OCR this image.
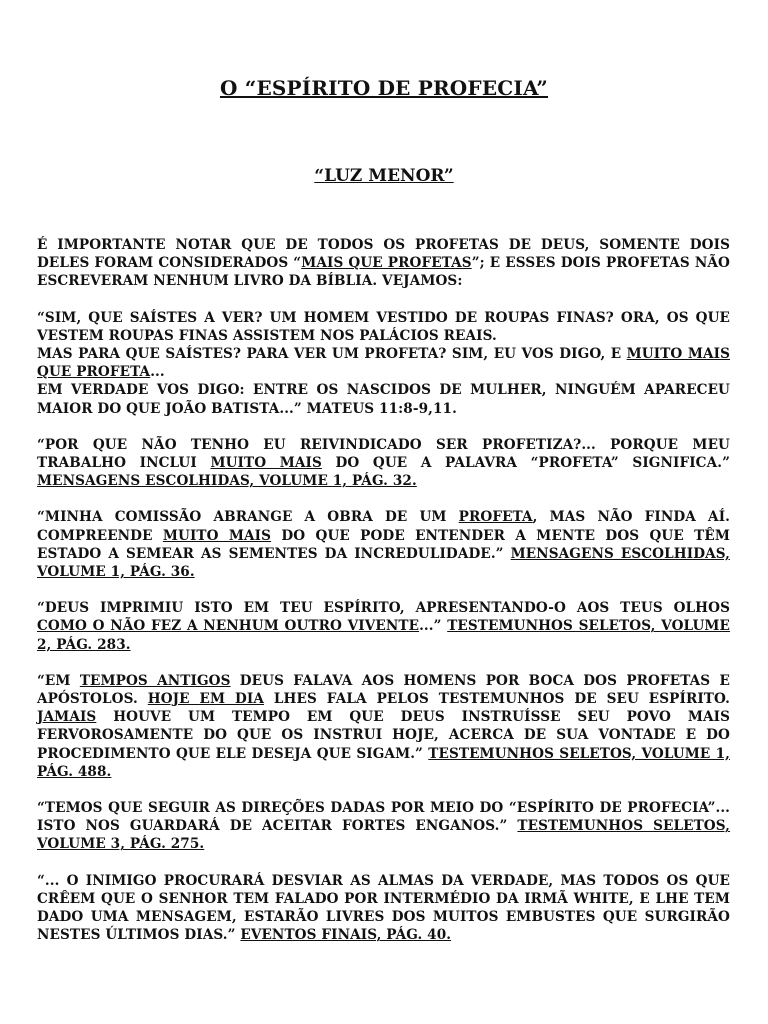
O “ESPÍRITO DE PROFECIA”
“LUZ MENOR”

É IMPORTANTE NOTAR QUE DE TODOS OS PROFETAS DE DEUS, SOMENTE DOIS DELES FORAM CONSIDERADOS “MAIS QUE PROFETAS”; E ESSES DOIS PROFETAS NÃO ESCREVERAM NENHUM LIVRO DA BÍBLIA. VEJAMOS:

“SIM, QUE SAÍSTES A VER? UM HOMEM VESTIDO DE ROUPAS FINAS? ORA, OS QUE VESTEM ROUPAS FINAS ASSISTEM NOS PALÁCIOS REAIS.
MAS PARA QUE SAÍSTES? PARA VER UM PROFETA? SIM, EU VOS DIGO, E MUITO MAIS QUE PROFETA...
EM VERDADE VOS DIGO: ENTRE OS NASCIDOS DE MULHER, NINGUÉM APARECEU MAIOR DO QUE JOÃO BATISTA...” MATEUS 11:8-9,11.

“POR QUE NÃO TENHO EU REIVINDICADO SER PROFETIZA?... PORQUE MEU TRABALHO INCLUI MUITO MAIS DO QUE A PALAVRA “PROFETA” SIGNIFICA.” MENSAGENS ESCOLHIDAS, VOLUME 1, PÁG. 32.

“MINHA COMISSÃO ABRANGE A OBRA DE UM PROFETA, MAS NÃO FINDA AÍ. COMPREENDE MUITO MAIS DO QUE PODE ENTENDER A MENTE DOS QUE TÊM ESTADO A SEMEAR AS SEMENTES DA INCREDULIDADE.” MENSAGENS ESCOLHIDAS, VOLUME 1, PÁG. 36.

“DEUS IMPRIMIU ISTO EM TEU ESPÍRITO, APRESENTANDO-O AOS TEUS OLHOS COMO O NÃO FEZ A NENHUM OUTRO VIVENTE...” TESTEMUNHOS SELETOS, VOLUME 2, PÁG. 283.

“EM TEMPOS ANTIGOS DEUS FALAVA AOS HOMENS POR BOCA DOS PROFETAS E APÓSTOLOS. HOJE EM DIA LHES FALA PELOS TESTEMUNHOS DE SEU ESPÍRITO. JAMAIS HOUVE UM TEMPO EM QUE DEUS INSTRUÍSSE SEU POVO MAIS FERVOROSAMENTE DO QUE OS INSTRUI HOJE, ACERCA DE SUA VONTADE E DO PROCEDIMENTO QUE ELE DESEJA QUE SIGAM.” TESTEMUNHOS SELETOS, VOLUME 1, PÁG. 488.

“TEMOS QUE SEGUIR AS DIREÇÕES DADAS POR MEIO DO “ESPÍRITO DE PROFECIA”... ISTO NOS GUARDARÁ DE ACEITAR FORTES ENGANOS.” TESTEMUNHOS SELETOS, VOLUME 3, PÁG. 275.

“... O INIMIGO PROCURARÁ DESVIAR AS ALMAS DA VERDADE, MAS TODOS OS QUE CRÊEM QUE O SENHOR TEM FALADO POR INTERMÉDIO DA IRMÃ WHITE, E LHE TEM DADO UMA MENSAGEM, ESTARÃO LIVRES DOS MUITOS EMBUSTES QUE SURGIRÃO NESTES ÚLTIMOS DIAS.” EVENTOS FINAIS, PÁG. 40.
